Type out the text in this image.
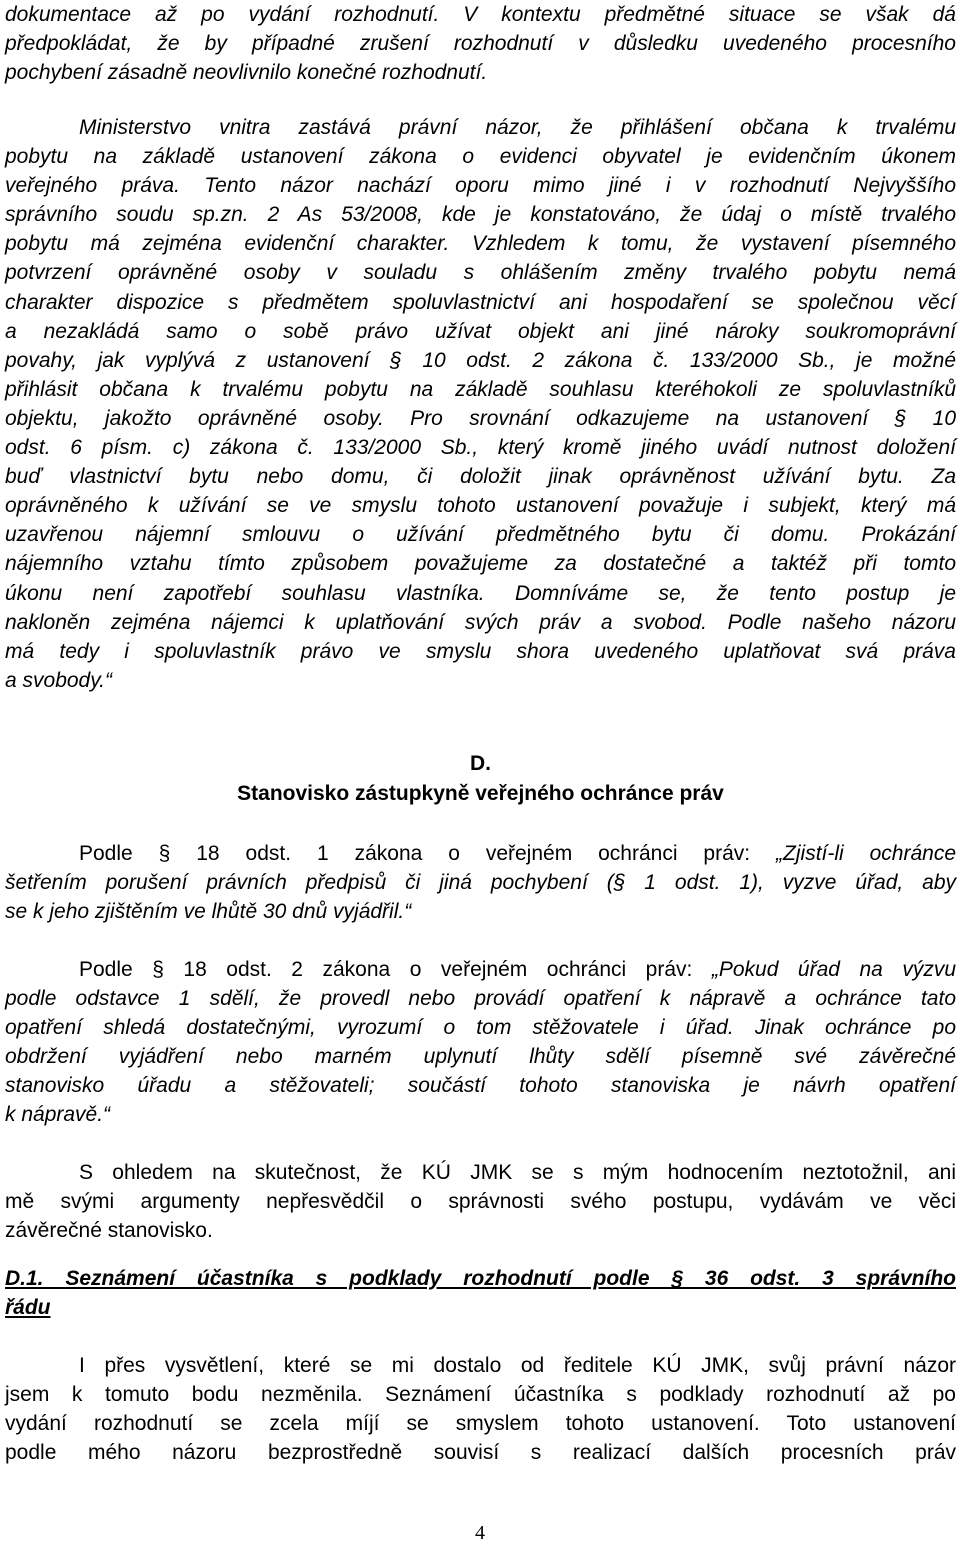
dokumentace až po vydání rozhodnutí. V kontextu předmětné situace se však dá
předpokládat, že by případné zrušení rozhodnutí v důsledku uvedeného procesního
pochybení zásadně neovlivnilo konečné rozhodnutí.
Ministerstvo vnitra zastává právní názor, že přihlášení občana k trvalému
pobytu na základě ustanovení zákona o evidenci obyvatel je evidenčním úkonem
veřejného práva. Tento názor nachází oporu mimo jiné i v rozhodnutí Nejvyššího
správního soudu sp.zn. 2 As 53/2008, kde je konstatováno, že údaj o místě trvalého
pobytu má zejména evidenční charakter. Vzhledem k tomu, že vystavení písemného
potvrzení oprávněné osoby v souladu s ohlášením změny trvalého pobytu nemá
charakter dispozice s předmětem spoluvlastnictví ani hospodaření se společnou věcí
a nezakládá samo o sobě právo užívat objekt ani jiné nároky soukromoprávní
povahy, jak vyplývá z ustanovení § 10 odst. 2 zákona č. 133/2000 Sb., je možné
přihlásit občana k trvalému pobytu na základě souhlasu kteréhokoli ze spoluvlastníků
objektu, jakožto oprávněné osoby. Pro srovnání odkazujeme na ustanovení § 10
odst. 6 písm. c) zákona č. 133/2000 Sb., který kromě jiného uvádí nutnost doložení
buď vlastnictví bytu nebo domu, či doložit jinak oprávněnost užívání bytu. Za
oprávněného k užívání se ve smyslu tohoto ustanovení považuje i subjekt, který má
uzavřenou nájemní smlouvu o užívání předmětného bytu či domu. Prokázání
nájemního vztahu tímto způsobem považujeme za dostatečné a taktéž při tomto
úkonu není zapotřebí souhlasu vlastníka. Domníváme se, že tento postup je
nakloněn zejména nájemci k uplatňování svých práv a svobod. Podle našeho názoru
má tedy i spoluvlastník právo ve smyslu shora uvedeného uplatňovat svá práva
a svobody.“
D.
Stanovisko zástupkyně veřejného ochránce práv
Podle § 18 odst. 1 zákona o veřejném ochránci práv: „Zjistí-li ochránce
šetřením porušení právních předpisů či jiná pochybení (§ 1 odst. 1), vyzve úřad, aby
se k jeho zjištěním ve lhůtě 30 dnů vyjádřil.“
Podle § 18 odst. 2 zákona o veřejném ochránci práv: „Pokud úřad na výzvu
podle odstavce 1 sdělí, že provedl nebo provádí opatření k nápravě a ochránce tato
opatření shledá dostatečnými, vyrozumí o tom stěžovatele i úřad. Jinak ochránce po
obdržení vyjádření nebo marném uplynutí lhůty sdělí písemně své závěrečné
stanovisko úřadu a stěžovateli; součástí tohoto stanoviska je návrh opatření
k nápravě.“
S ohledem na skutečnost, že KÚ JMK se s mým hodnocením neztotožnil, ani
mě svými argumenty nepřesvědčil o správnosti svého postupu, vydávám ve věci
závěrečné stanovisko.
D.1. Seznámení účastníka s podklady rozhodnutí podle § 36 odst. 3 správního
řádu
I přes vysvětlení, které se mi dostalo od ředitele KÚ JMK, svůj právní názor
jsem k tomuto bodu nezměnila. Seznámení účastníka s podklady rozhodnutí až po
vydání rozhodnutí se zcela míjí se smyslem tohoto ustanovení. Toto ustanovení
podle mého názoru bezprostředně souvisí s realizací dalších procesních práv
4
